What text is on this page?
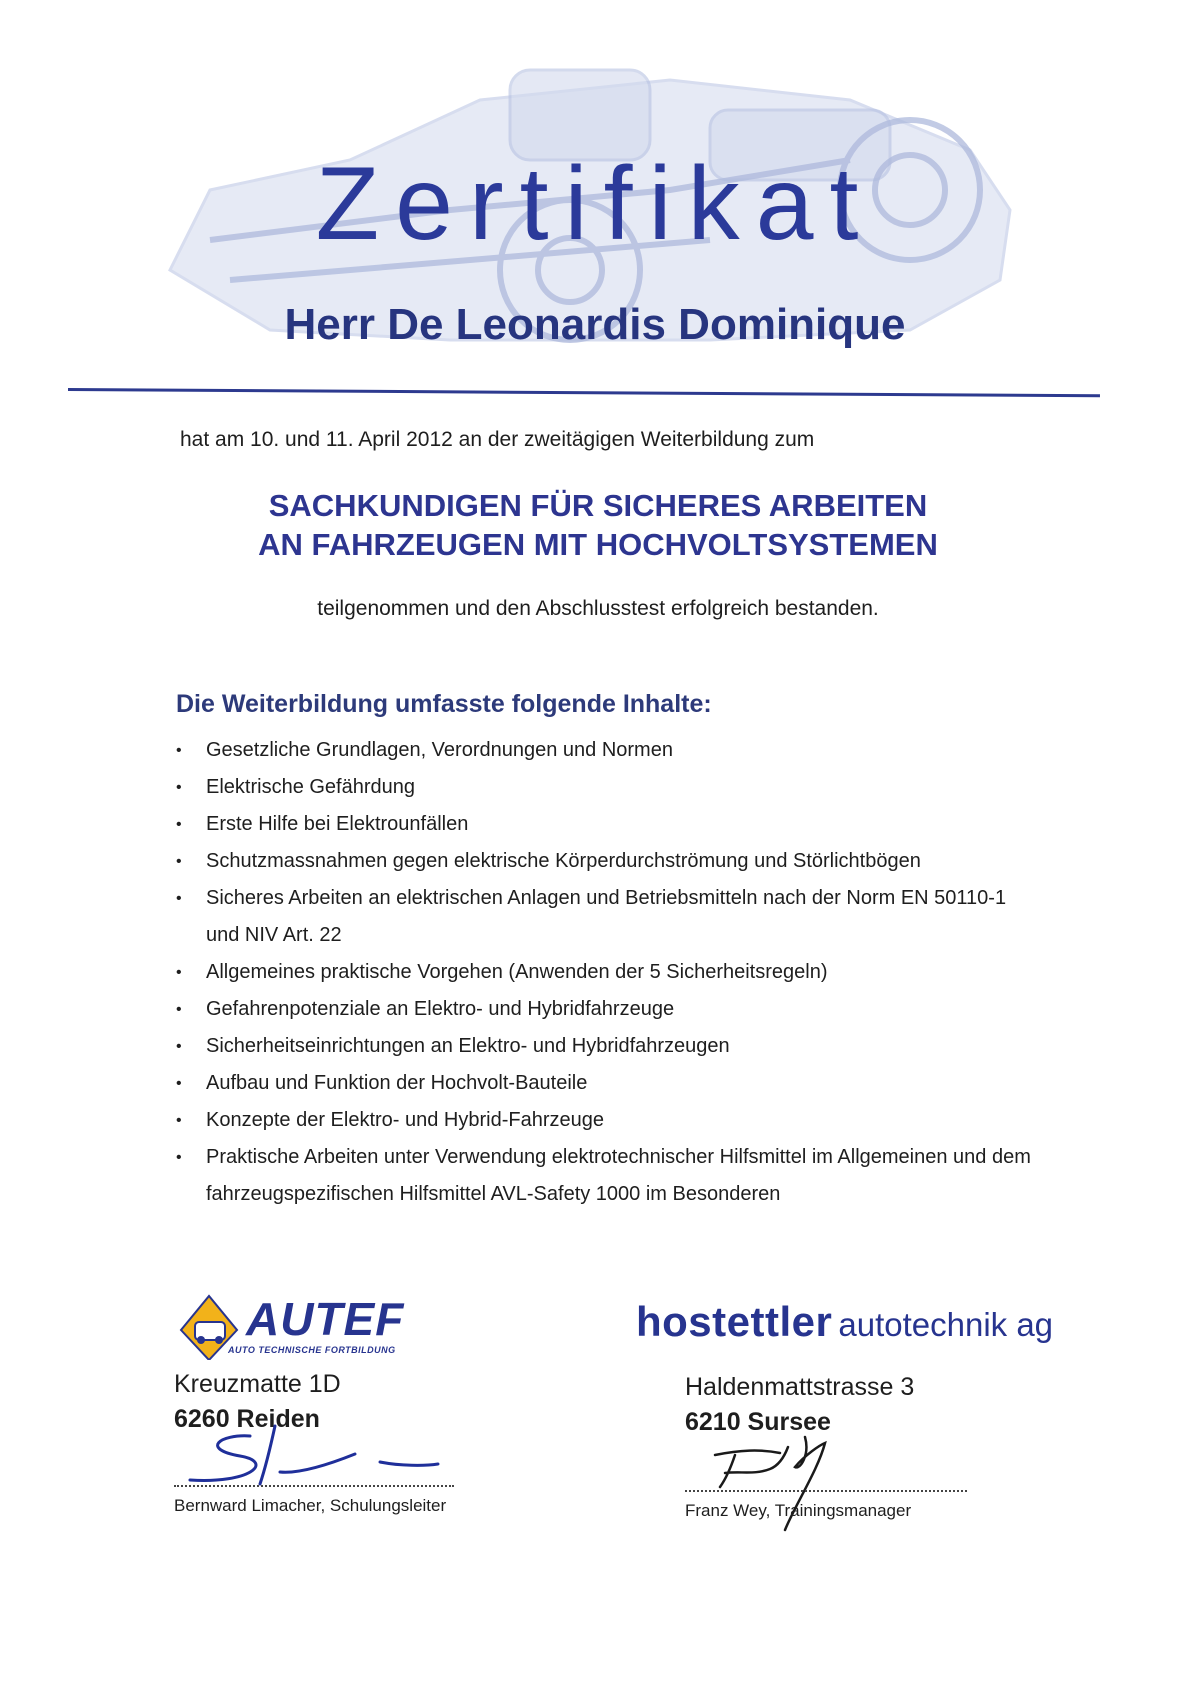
Zertifikat
Herr De Leonardis Dominique
hat am 10. und 11. April 2012 an der zweitägigen Weiterbildung zum
SACHKUNDIGEN FÜR SICHERES ARBEITEN
AN FAHRZEUGEN MIT HOCHVOLTSYSTEMEN
teilgenommen und den Abschlusstest erfolgreich bestanden.
Die Weiterbildung umfasste folgende Inhalte:
• Gesetzliche Grundlagen, Verordnungen und Normen
• Elektrische Gefährdung
• Erste Hilfe bei Elektrounfällen
• Schutzmassnahmen gegen elektrische Körperdurchströmung und Störlichtbögen
• Sicheres Arbeiten an elektrischen Anlagen und Betriebsmitteln nach der Norm EN 50110-1 und NIV Art. 22
• Allgemeines praktische Vorgehen (Anwenden der 5 Sicherheitsregeln)
• Gefahrenpotenziale an Elektro- und Hybridfahrzeuge
• Sicherheitseinrichtungen an Elektro- und Hybridfahrzeugen
• Aufbau und Funktion der Hochvolt-Bauteile
• Konzepte der Elektro- und Hybrid-Fahrzeuge
• Praktische Arbeiten unter Verwendung elektrotechnischer Hilfsmittel im Allgemeinen und dem fahrzeugspezifischen Hilfsmittel AVL-Safety 1000 im Besonderen
AUTEF
AUTO TECHNISCHE FORTBILDUNG
Kreuzmatte 1D
6260 Reiden
Bernward Limacher, Schulungsleiter
hostettler autotechnik ag
Haldenmattstrasse 3
6210 Sursee
Franz Wey, Trainingsmanager
